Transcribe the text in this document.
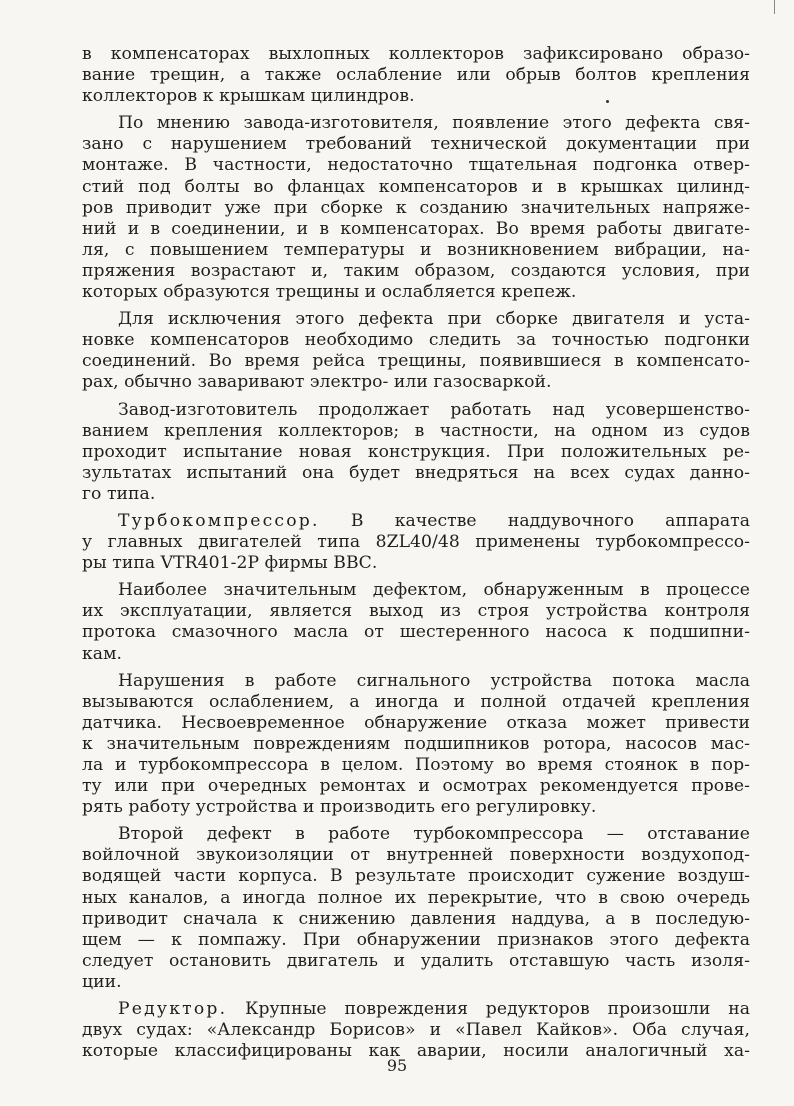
в компенсаторах выхлопных коллекторов зафиксировано образо-
вание трещин, а также ослабление или обрыв болтов крепления
коллекторов к крышкам цилиндров.

По мнению завода-изготовителя, появление этого дефекта свя-
зано с нарушением требований технической документации при
монтаже. В частности, недостаточно тщательная подгонка отвер-
стий под болты во фланцах компенсаторов и в крышках цилинд-
ров приводит уже при сборке к созданию значительных напряже-
ний и в соединении, и в компенсаторах. Во время работы двигате-
ля, с повышением температуры и возникновением вибрации, на-
пряжения возрастают и, таким образом, создаются условия, при
которых образуются трещины и ослабляется крепеж.

Для исключения этого дефекта при сборке двигателя и уста-
новке компенсаторов необходимо следить за точностью подгонки
соединений. Во время рейса трещины, появившиеся в компенсато-
рах, обычно заваривают электро- или газосваркой.

Завод-изготовитель продолжает работать над усовершенство-
ванием крепления коллекторов; в частности, на одном из судов
проходит испытание новая конструкция. При положительных ре-
зультатах испытаний она будет внедряться на всех судах данно-
го типа.

Турбокомпрессор. В качестве наддувочного аппарата
у главных двигателей типа 8ZL40/48 применены турбокомпрессо-
ры типа VTR401-2P фирмы ВВС.

Наиболее значительным дефектом, обнаруженным в процессе
их эксплуатации, является выход из строя устройства контроля
протока смазочного масла от шестеренного насоса к подшипни-
кам.

Нарушения в работе сигнального устройства потока масла
вызываются ослаблением, а иногда и полной отдачей крепления
датчика. Несвоевременное обнаружение отказа может привести
к значительным повреждениям подшипников ротора, насосов мас-
ла и турбокомпрессора в целом. Поэтому во время стоянок в пор-
ту или при очередных ремонтах и осмотрах рекомендуется прове-
рять работу устройства и производить его регулировку.

Второй дефект в работе турбокомпрессора — отставание
войлочной звукоизоляции от внутренней поверхности воздухопод-
водящей части корпуса. В результате происходит сужение воздуш-
ных каналов, а иногда полное их перекрытие, что в свою очередь
приводит сначала к снижению давления наддува, а в последую-
щем — к помпажу. При обнаружении признаков этого дефекта
следует остановить двигатель и удалить отставшую часть изоля-
ции.

Редуктор. Крупные повреждения редукторов произошли на
двух судах: «Александр Борисов» и «Павел Кайков». Оба случая,
которые классифицированы как аварии, носили аналогичный ха-

95
